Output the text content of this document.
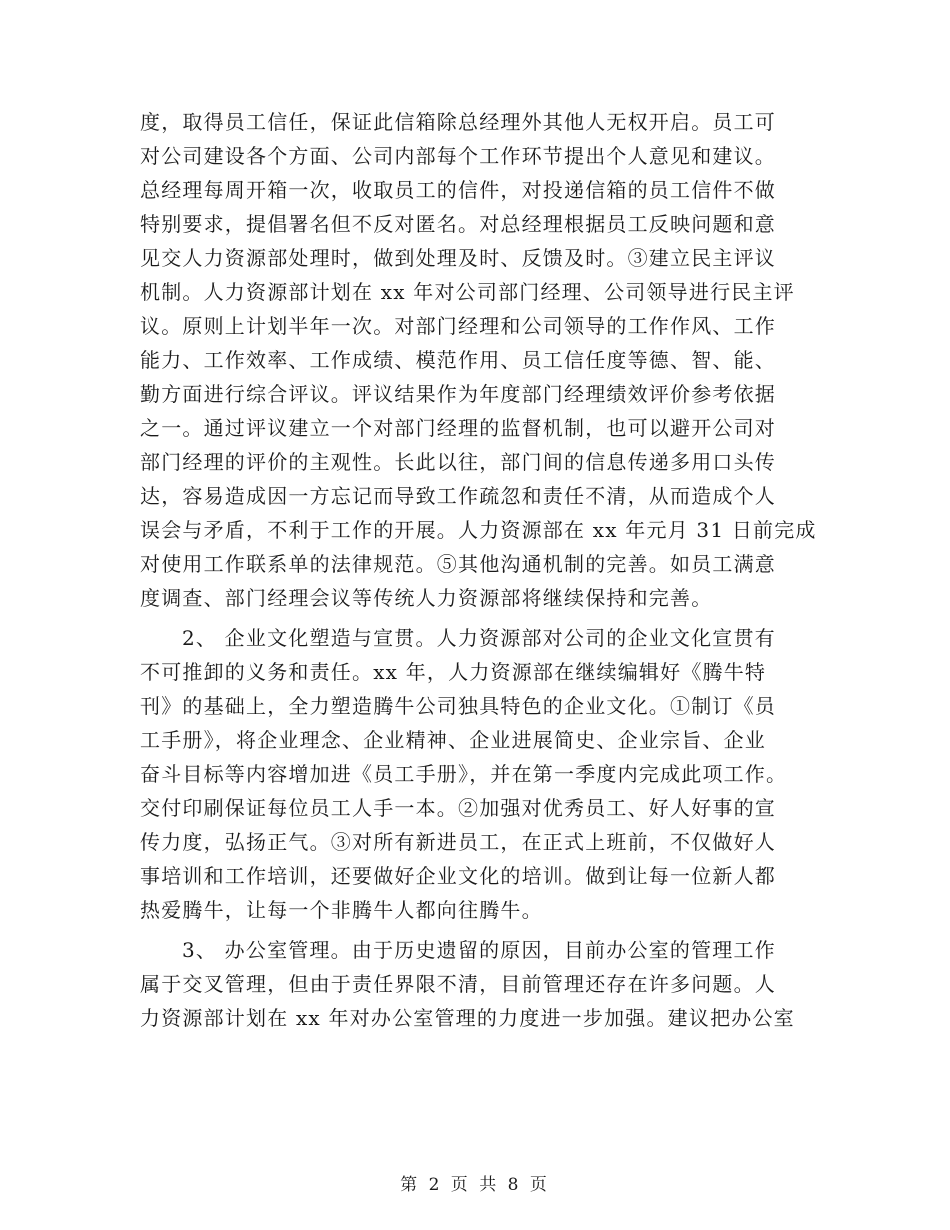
度，取得员工信任，保证此信箱除总经理外其他人无权开启。员工可
对公司建设各个方面、公司内部每个工作环节提出个人意见和建议。
总经理每周开箱一次，收取员工的信件，对投递信箱的员工信件不做
特别要求，提倡署名但不反对匿名。对总经理根据员工反映问题和意
见交人力资源部处理时，做到处理及时、反馈及时。③建立民主评议
机制。人力资源部计划在 xx 年对公司部门经理、公司领导进行民主评
议。原则上计划半年一次。对部门经理和公司领导的工作作风、工作
能力、工作效率、工作成绩、模范作用、员工信任度等德、智、能、
勤方面进行综合评议。评议结果作为年度部门经理绩效评价参考依据
之一。通过评议建立一个对部门经理的监督机制，也可以避开公司对
部门经理的评价的主观性。长此以往，部门间的信息传递多用口头传
达，容易造成因一方忘记而导致工作疏忽和责任不清，从而造成个人
误会与矛盾，不利于工作的开展。人力资源部在 xx 年元月 31 日前完成
对使用工作联系单的法律规范。⑤其他沟通机制的完善。如员工满意
度调查、部门经理会议等传统人力资源部将继续保持和完善。
2、 企业文化塑造与宣贯。人力资源部对公司的企业文化宣贯有
不可推卸的义务和责任。xx 年，人力资源部在继续编辑好《腾牛特
刊》的基础上，全力塑造腾牛公司独具特色的企业文化。①制订《员
工手册》，将企业理念、企业精神、企业进展简史、企业宗旨、企业
奋斗目标等内容增加进《员工手册》，并在第一季度内完成此项工作。
交付印刷保证每位员工人手一本。②加强对优秀员工、好人好事的宣
传力度，弘扬正气。③对所有新进员工，在正式上班前，不仅做好人
事培训和工作培训，还要做好企业文化的培训。做到让每一位新人都
热爱腾牛，让每一个非腾牛人都向往腾牛。
3、 办公室管理。由于历史遗留的原因，目前办公室的管理工作
属于交叉管理，但由于责任界限不清，目前管理还存在许多问题。人
力资源部计划在 xx 年对办公室管理的力度进一步加强。建议把办公室
第 2 页 共 8 页
